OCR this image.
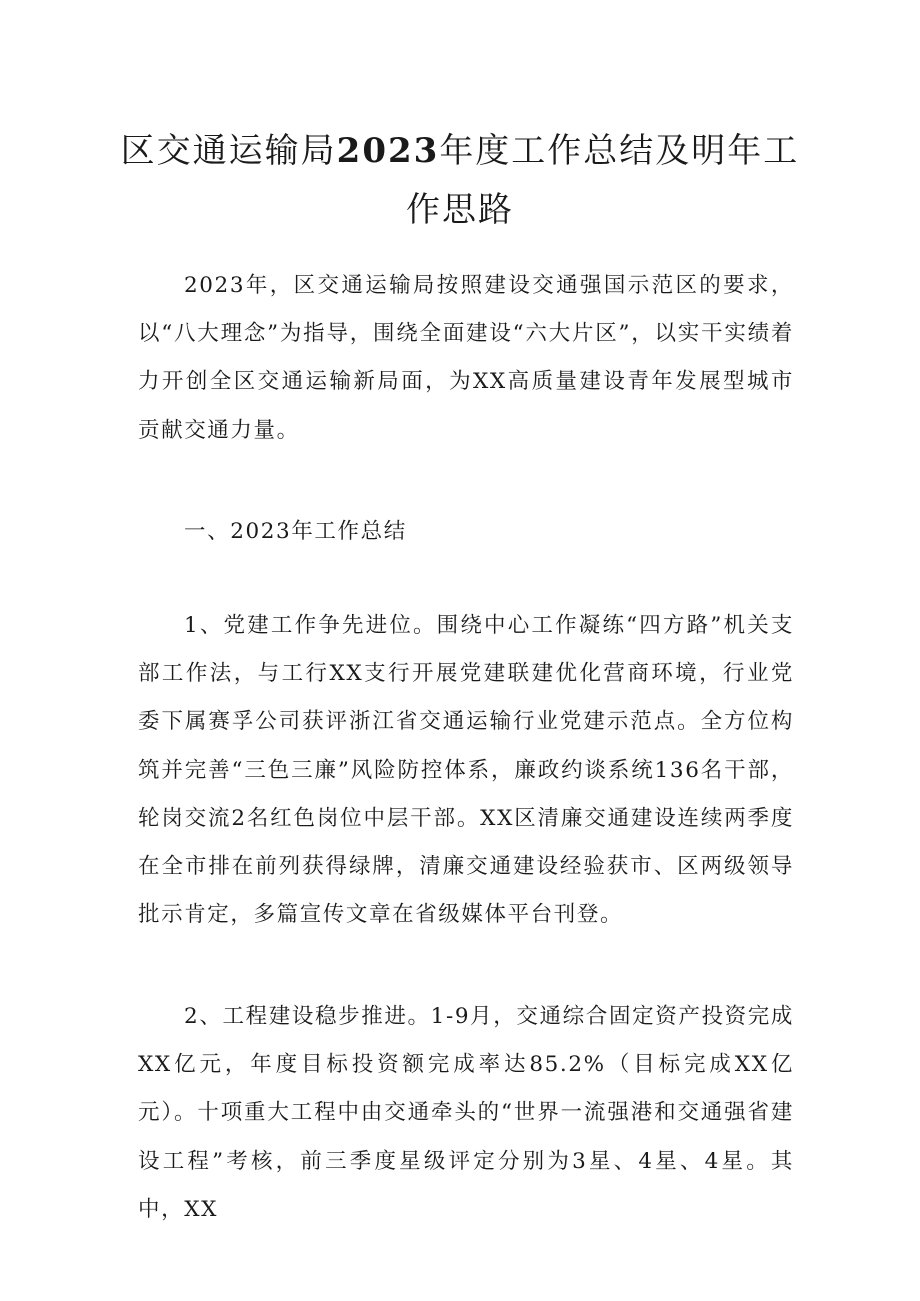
区交通运输局2023年度工作总结及明年工
作思路

2023年，区交通运输局按照建设交通强国示范区的要求，以“八大理念”为指导，围绕全面建设“六大片区”，以实干实绩着力开创全区交通运输新局面，为XX高质量建设青年发展型城市贡献交通力量。

一、2023年工作总结

1、党建工作争先进位。围绕中心工作凝练“四方路”机关支部工作法，与工行XX支行开展党建联建优化营商环境，行业党委下属赛孚公司获评浙江省交通运输行业党建示范点。全方位构筑并完善“三色三廉”风险防控体系，廉政约谈系统136名干部，轮岗交流2名红色岗位中层干部。XX区清廉交通建设连续两季度在全市排在前列获得绿牌，清廉交通建设经验获市、区两级领导批示肯定，多篇宣传文章在省级媒体平台刊登。

2、工程建设稳步推进。1-9月，交通综合固定资产投资完成XX亿元，年度目标投资额完成率达85.2%（目标完成XX亿元）。十项重大工程中由交通牵头的“世界一流强港和交通强省建设工程”考核，前三季度星级评定分别为3星、4星、4星。其中，XX
